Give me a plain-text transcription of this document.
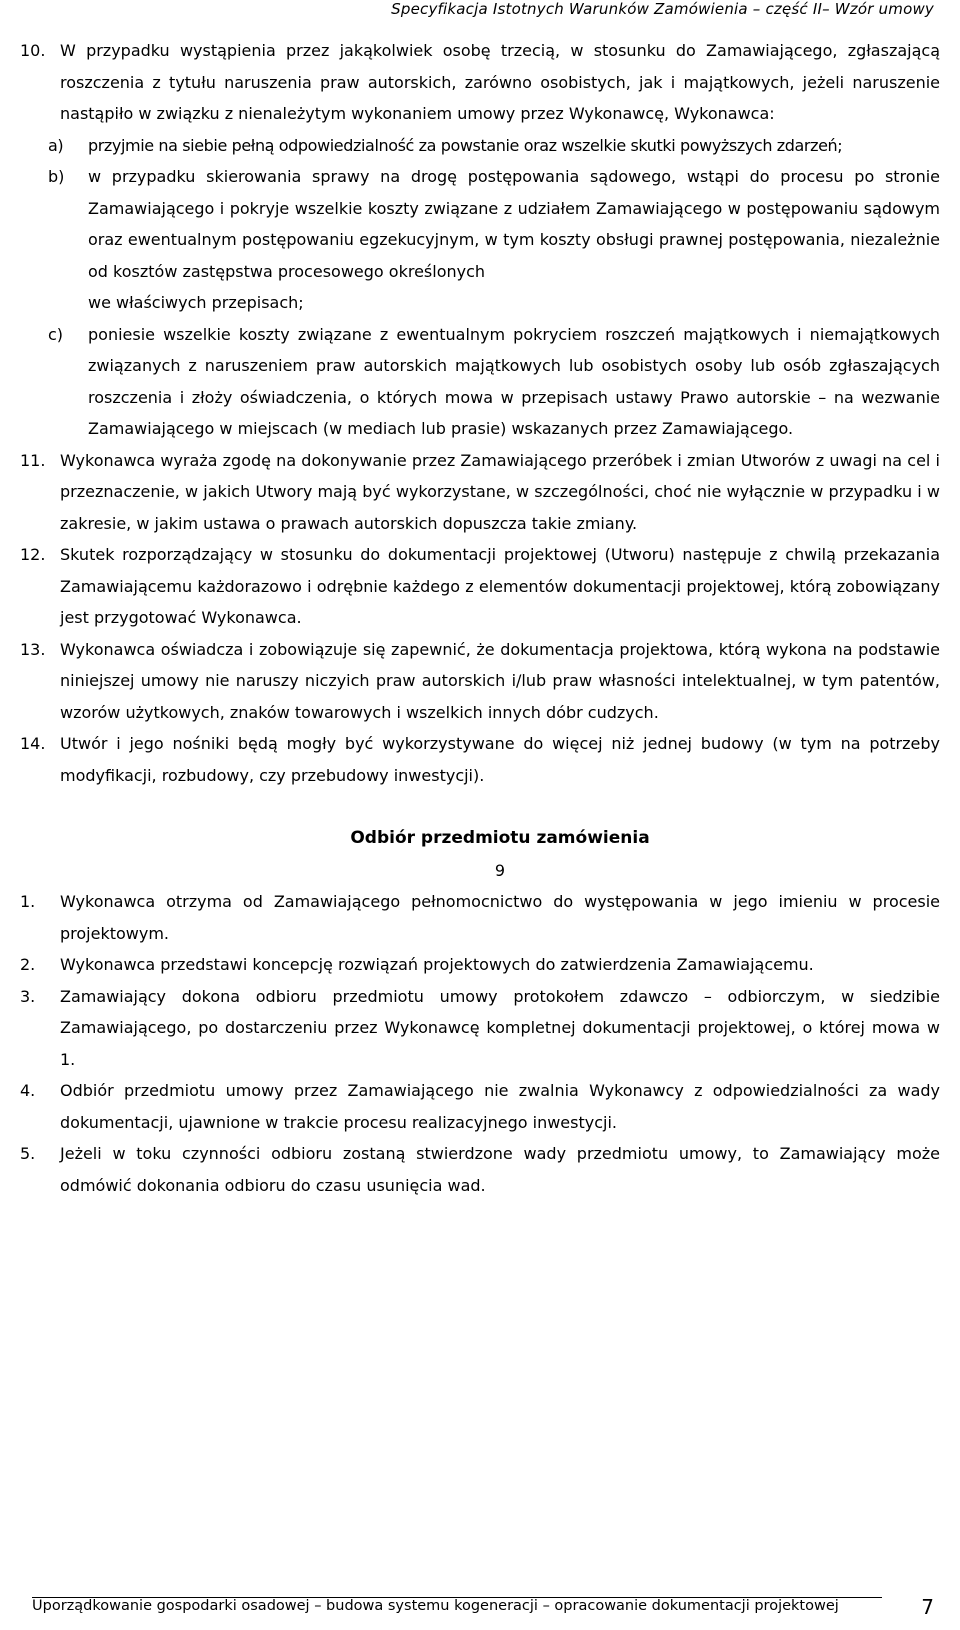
Specyfikacja Istotnych Warunków Zamówienia – część II– Wzór umowy
10. W przypadku wystąpienia przez jakąkolwiek osobę trzecią, w stosunku do Zamawiającego, zgłaszającą roszczenia z tytułu naruszenia praw autorskich, zarówno osobistych, jak i majątkowych, jeżeli naruszenie nastąpiło w związku z nienależytym wykonaniem umowy przez Wykonawcę, Wykonawca:
a)	przyjmie na siebie pełną odpowiedzialność za powstanie oraz wszelkie skutki powyższych zdarzeń;
b)	w przypadku skierowania sprawy na drogę postępowania sądowego, wstąpi do procesu po stronie Zamawiającego i pokryje wszelkie koszty związane z udziałem Zamawiającego w postępowaniu sądowym oraz ewentualnym postępowaniu egzekucyjnym, w tym koszty obsługi prawnej postępowania, niezależnie od kosztów zastępstwa procesowego określonych
we właściwych przepisach;
c)	poniesie wszelkie koszty związane z ewentualnym pokryciem roszczeń majątkowych i niemajątkowych związanych z naruszeniem praw autorskich majątkowych lub osobistych osoby lub osób zgłaszających roszczenia i złoży oświadczenia, o których mowa w przepisach ustawy Prawo autorskie – na wezwanie Zamawiającego w miejscach (w mediach lub prasie) wskazanych przez Zamawiającego.
11. Wykonawca wyraża zgodę na dokonywanie przez Zamawiającego przeróbek i zmian Utworów z uwagi na cel i przeznaczenie, w jakich Utwory mają być wykorzystane, w szczególności, choć nie wyłącznie w przypadku i w zakresie, w jakim ustawa o prawach autorskich dopuszcza takie zmiany.
12. Skutek rozporządzający w stosunku do dokumentacji projektowej (Utworu) następuje z chwilą przekazania Zamawiającemu każdorazowo i odrębnie każdego z elementów dokumentacji projektowej, którą zobowiązany jest przygotować Wykonawca.
13. Wykonawca oświadcza i zobowiązuje się zapewnić, że dokumentacja projektowa, którą wykona na podstawie niniejszej umowy nie naruszy niczyich praw autorskich i/lub praw własności intelektualnej, w tym patentów, wzorów użytkowych, znaków towarowych i wszelkich innych dóbr cudzych.
14. Utwór i jego nośniki będą mogły być wykorzystywane do więcej niż jednej budowy (w tym na potrzeby modyfikacji, rozbudowy, czy przebudowy inwestycji).
Odbiór przedmiotu zamówienia
9
1.	Wykonawca otrzyma od Zamawiającego pełnomocnictwo do występowania w jego imieniu w procesie projektowym.
2.	Wykonawca przedstawi koncepcję rozwiązań projektowych do zatwierdzenia Zamawiającemu.
3.	Zamawiający dokona odbioru przedmiotu umowy protokołem zdawczo – odbiorczym, w siedzibie Zamawiającego, po dostarczeniu przez Wykonawcę kompletnej dokumentacji projektowej, o której mowa w 1.
4.	Odbiór przedmiotu umowy przez Zamawiającego nie zwalnia Wykonawcy z odpowiedzialności za wady dokumentacji, ujawnione w trakcie procesu realizacyjnego inwestycji.
5.	Jeżeli w toku czynności odbioru zostaną stwierdzone wady przedmiotu umowy, to Zamawiający może odmówić dokonania odbioru do czasu usunięcia wad.
Uporządkowanie gospodarki osadowej – budowa systemu kogeneracji – opracowanie dokumentacji projektowej	7
